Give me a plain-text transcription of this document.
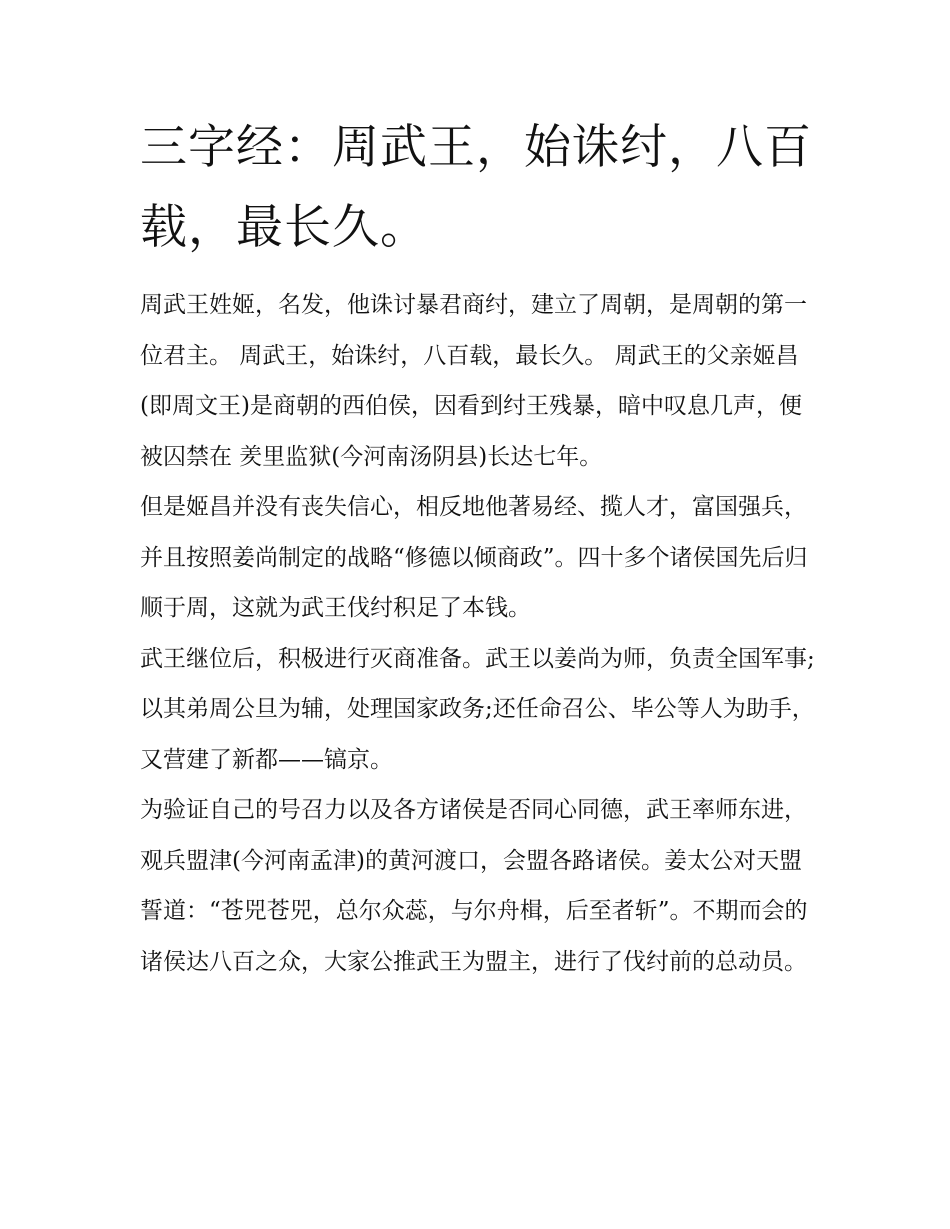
三字经：周武王，始诛纣，八百载，最长久。

周武王姓姬，名发，他诛讨暴君商纣，建立了周朝，是周朝的第一位君主。 周武王，始诛纣，八百载，最长久。 周武王的父亲姬昌(即周文王)是商朝的西伯侯，因看到纣王残暴，暗中叹息几声，便被囚禁在 羑里监狱(今河南汤阴县)长达七年。

但是姬昌并没有丧失信心，相反地他著易经、揽人才，富国强兵，并且按照姜尚制定的战略“修德以倾商政”。四十多个诸侯国先后归顺于周，这就为武王伐纣积足了本钱。

武王继位后，积极进行灭商准备。武王以姜尚为师，负责全国军事;以其弟周公旦为辅，处理国家政务;还任命召公、毕公等人为助手，又营建了新都——镐京。

为验证自己的号召力以及各方诸侯是否同心同德，武王率师东进，观兵盟津(今河南孟津)的黄河渡口，会盟各路诸侯。姜太公对天盟誓道：“苍兕苍兕，总尔众蕊，与尔舟楫，后至者斩”。不期而会的诸侯达八百之众，大家公推武王为盟主，进行了伐纣前的总动员。
